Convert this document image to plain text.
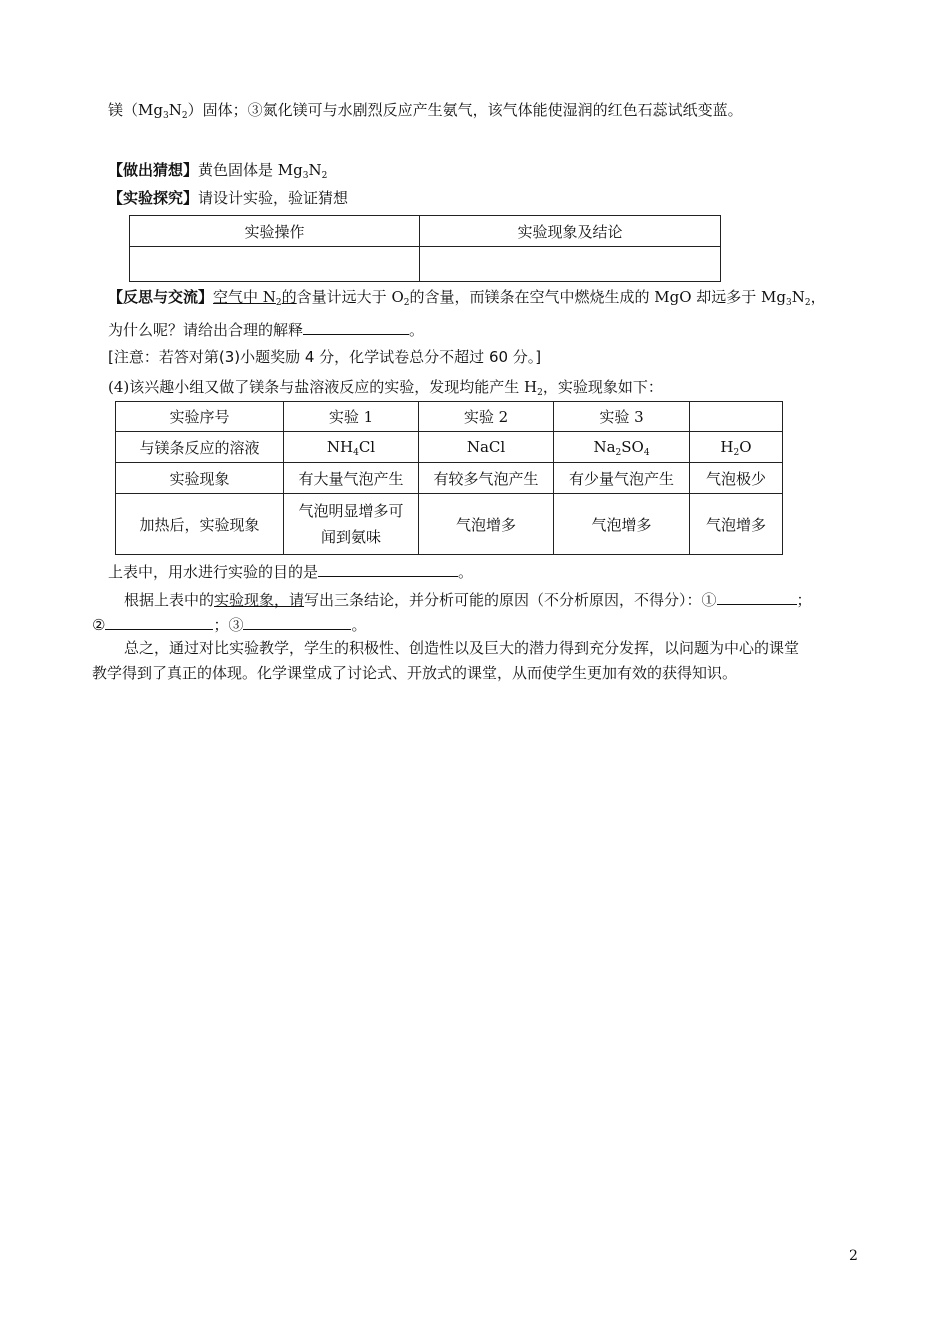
镁$(Mg_3N_2)$固体；③氮化镁可与水剧烈反应产生氨气，该气体能使湿润的红色石蕊试纸变蓝。
【做出猜想】黄色固体是 $Mg_3N_2$
【实验探究】请设计实验，验证猜想
实验操作	实验现象及结论

【反思与交流】空气中 $N_2$的含量计远大于 $O_2$的含量，而镁条在空气中燃烧生成的 MgO 却远多于 $Mg_3N_2$，
为什么呢？请给出合理的解释	。
[注意：若答对第(3)小题奖励 4 分，化学试卷总分不超过 60 分。]
(4)该兴趣小组又做了镁条与盐溶液反应的实验，发现均能产生 $H_2$，实验现象如下：
实验序号	实验 1	实验 2	实验 3	
与镁条反应的溶液	$NH_4Cl$	NaCl	$Na_2SO_4$	$H_2O$
实验现象	有大量气泡产生	有较多气泡产生	有少量气泡产生	气泡极少
加热后，实验现象	气泡明显增多可
闻到氨味	气泡增多	气泡增多	气泡增多
上表中，用水进行实验的目的是	。
根据上表中的实验现象，请写出三条结论，并分析可能的原因（不分析原因，不得分）：①	；
②	；③	。
总之，通过对比实验教学，学生的积极性、创造性以及巨大的潜力得到充分发挥，以问题为中心的课堂
教学得到了真正的体现。化学课堂成了讨论式、开放式的课堂，从而使学生更加有效的获得知识。
2
